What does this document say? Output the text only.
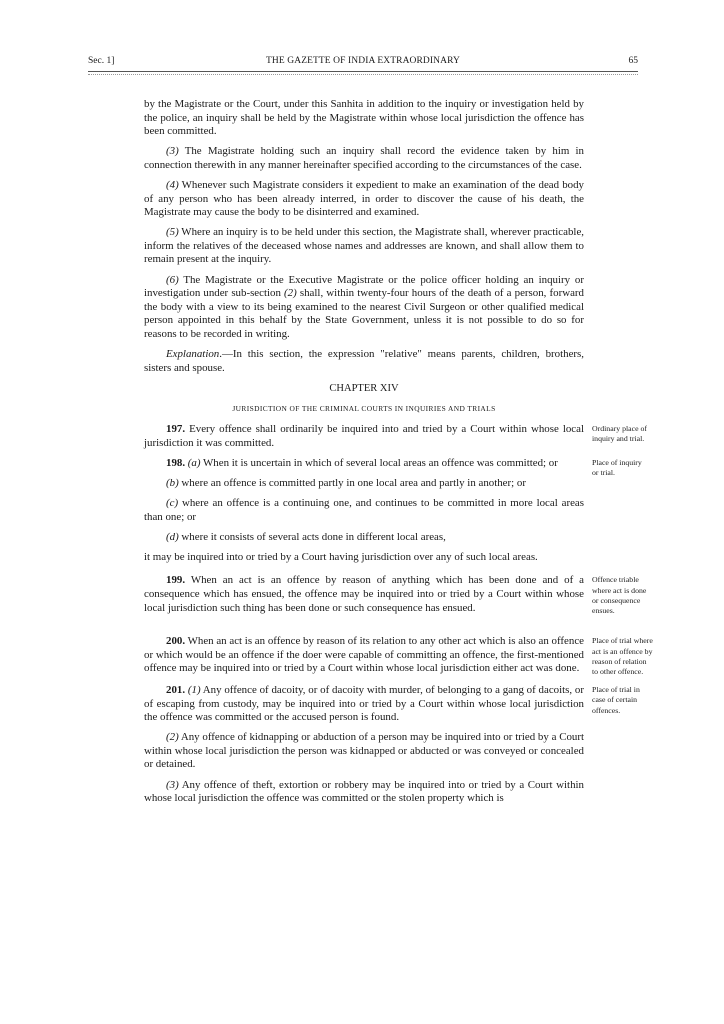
Sec. 1]	THE GAZETTE OF INDIA EXTRAORDINARY	65

by the Magistrate or the Court, under this Sanhita in addition to the inquiry or investigation held by the police, an inquiry shall be held by the Magistrate within whose local jurisdiction the offence has been committed.

(3) The Magistrate holding such an inquiry shall record the evidence taken by him in connection therewith in any manner hereinafter specified according to the circumstances of the case.

(4) Whenever such Magistrate considers it expedient to make an examination of the dead body of any person who has been already interred, in order to discover the cause of his death, the Magistrate may cause the body to be disinterred and examined.

(5) Where an inquiry is to be held under this section, the Magistrate shall, wherever practicable, inform the relatives of the deceased whose names and addresses are known, and shall allow them to remain present at the inquiry.

(6) The Magistrate or the Executive Magistrate or the police officer holding an inquiry or investigation under sub-section (2) shall, within twenty-four hours of the death of a person, forward the body with a view to its being examined to the nearest Civil Surgeon or other qualified medical person appointed in this behalf by the State Government, unless it is not possible to do so for reasons to be recorded in writing.

Explanation.—In this section, the expression "relative" means parents, children, brothers, sisters and spouse.

CHAPTER XIV
JURISDICTION OF THE CRIMINAL COURTS IN INQUIRIES AND TRIALS

197. Every offence shall ordinarily be inquired into and tried by a Court within whose local jurisdiction it was committed.

Ordinary place of inquiry and trial.

198. (a) When it is uncertain in which of several local areas an offence was committed; or	Place of inquiry or trial.

(b) where an offence is committed partly in one local area and partly in another; or

(c) where an offence is a continuing one, and continues to be committed in more local areas than one; or

(d) where it consists of several acts done in different local areas,

it may be inquired into or tried by a Court having jurisdiction over any of such local areas.

199. When an act is an offence by reason of anything which has been done and of a consequence which has ensued, the offence may be inquired into or tried by a Court within whose local jurisdiction such thing has been done or such consequence has ensued.

Offence triable where act is done or consequence ensues.

200. When an act is an offence by reason of its relation to any other act which is also an offence or which would be an offence if the doer were capable of committing an offence, the first-mentioned offence may be inquired into or tried by a Court within whose local jurisdiction either act was done.

Place of trial where act is an offence by reason of relation to other offence.

201. (1) Any offence of dacoity, or of dacoity with murder, of belonging to a gang of dacoits, or of escaping from custody, may be inquired into or tried by a Court within whose local jurisdiction the offence was committed or the accused person is found.

Place of trial in case of certain offences.

(2) Any offence of kidnapping or abduction of a person may be inquired into or tried by a Court within whose local jurisdiction the person was kidnapped or abducted or was conveyed or concealed or detained.

(3) Any offence of theft, extortion or robbery may be inquired into or tried by a Court within whose local jurisdiction the offence was committed or the stolen property which is
